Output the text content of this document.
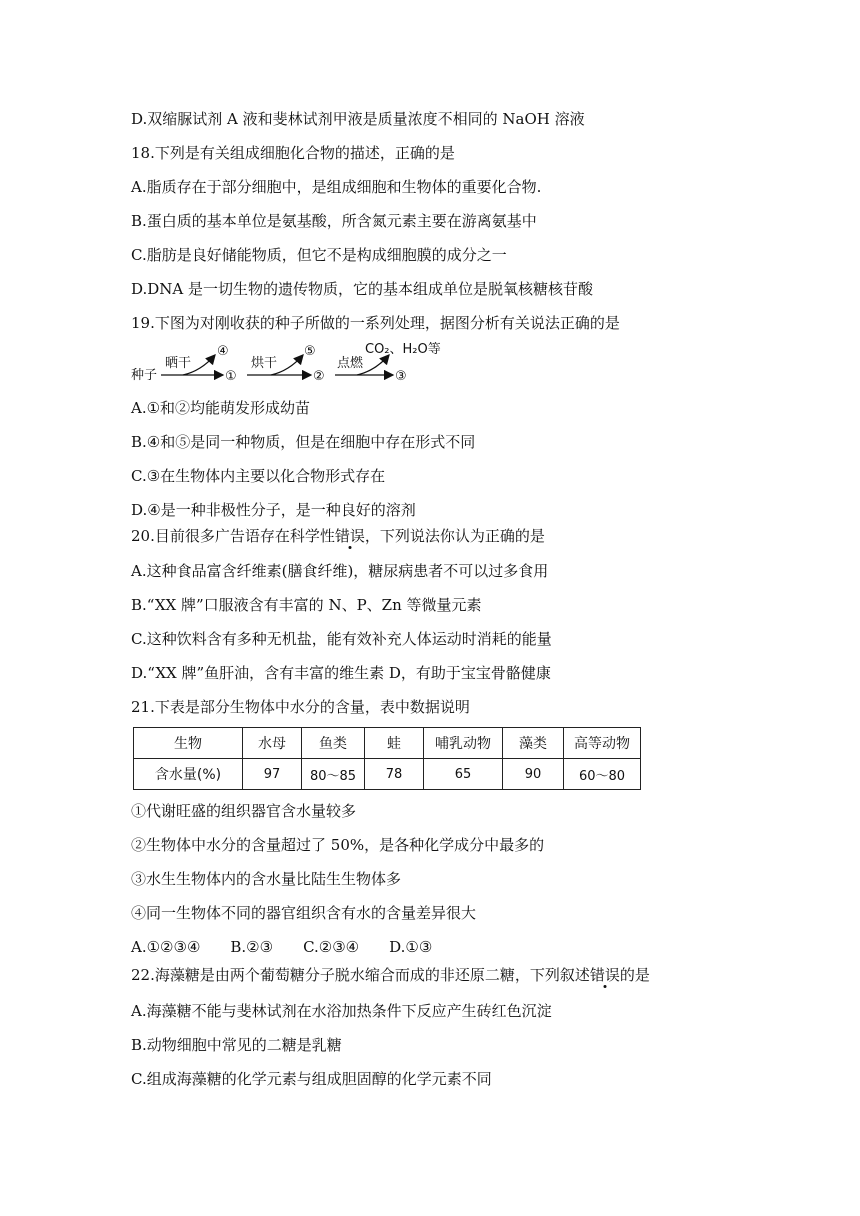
D.双缩脲试剂 A 液和斐林试剂甲液是质量浓度不相同的 NaOH 溶液
18.下列是有关组成细胞化合物的描述，正确的是
A.脂质存在于部分细胞中，是组成细胞和生物体的重要化合物.
B.蛋白质的基本单位是氨基酸，所含氮元素主要在游离氨基中
C.脂肪是良好储能物质，但它不是构成细胞膜的成分之一
D.DNA 是一切生物的遗传物质，它的基本组成单位是脱氧核糖核苷酸
19.下图为对刚收获的种子所做的一系列处理，据图分析有关说法正确的是
种子
晒干
④
①
烘干
⑤
②
点燃
CO₂、H₂O等
③
A.①和②均能萌发形成幼苗
B.④和⑤是同一种物质，但是在细胞中存在形式不同
C.③在生物体内主要以化合物形式存在
D.④是一种非极性分子，是一种良好的溶剂
20.目前很多广告语存在科学性错误，下列说法你认为正确的是
A.这种食品富含纤维素(膳食纤维)，糖尿病患者不可以过多食用
B.“XX 牌”口服液含有丰富的 N、P、Zn 等微量元素
C.这种饮料含有多种无机盐，能有效补充人体运动时消耗的能量
D.“XX 牌”鱼肝油，含有丰富的维生素 D，有助于宝宝骨骼健康
21.下表是部分生物体中水分的含量，表中数据说明
生物	水母	鱼类	蛙	哺乳动物	藻类	高等动物
含水量(%)	97	80～85	78	65	90	60～80
①代谢旺盛的组织器官含水量较多
②生物体中水分的含量超过了 50%，是各种化学成分中最多的
③水生生物体内的含水量比陆生生物体多
④同一生物体不同的器官组织含有水的含量差异很大
A.①②③④　　B.②③　　C.②③④　　D.①③
22.海藻糖是由两个葡萄糖分子脱水缩合而成的非还原二糖，下列叙述错误的是
A.海藻糖不能与斐林试剂在水浴加热条件下反应产生砖红色沉淀
B.动物细胞中常见的二糖是乳糖
C.组成海藻糖的化学元素与组成胆固醇的化学元素不同
